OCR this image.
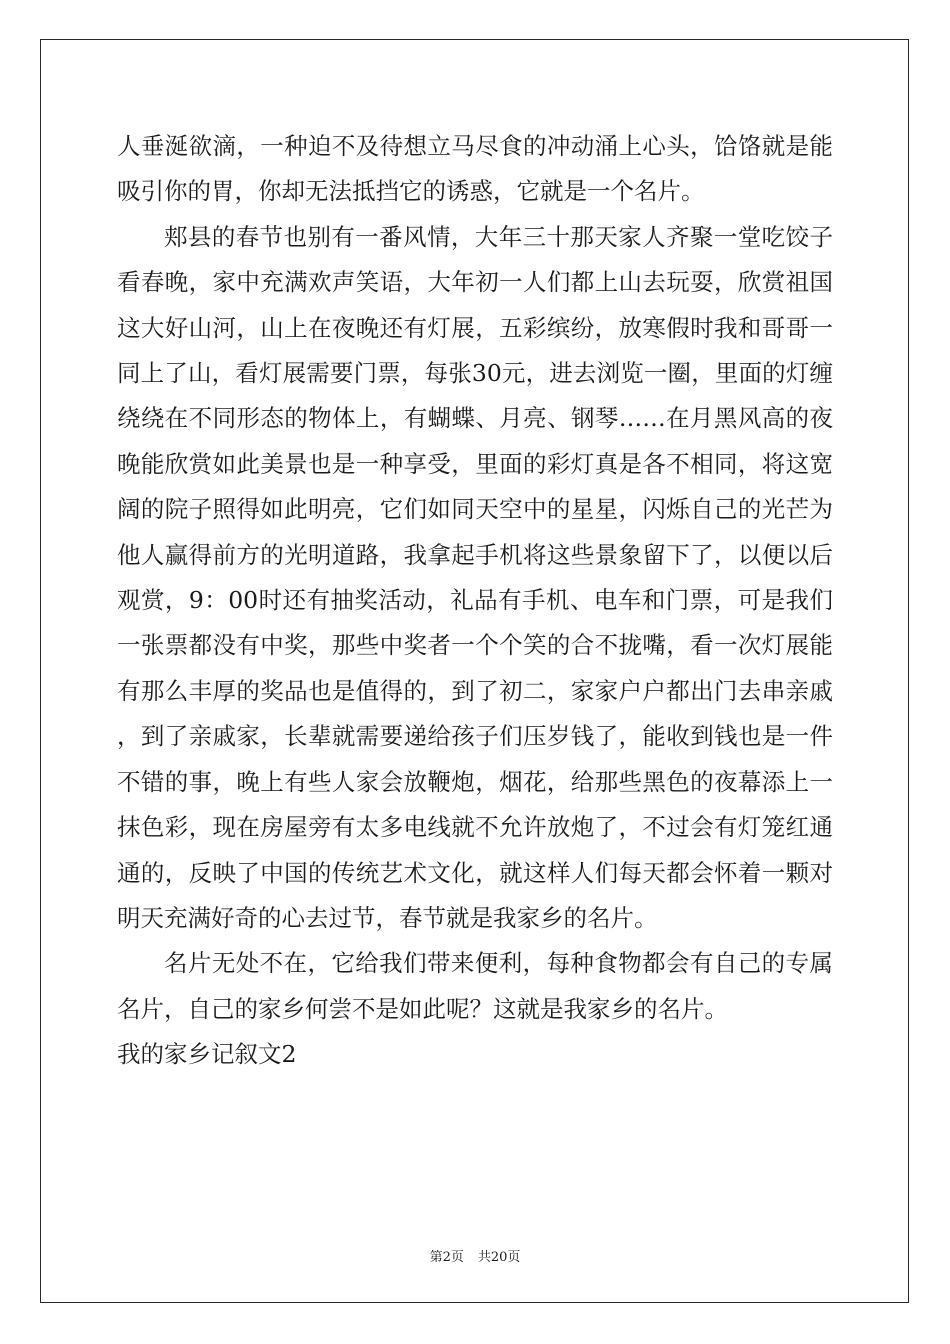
人垂涎欲滴，一种迫不及待想立马尽食的冲动涌上心头，饸饹就是能吸引你的胃，你却无法抵挡它的诱惑，它就是一个名片。

郏县的春节也别有一番风情，大年三十那天家人齐聚一堂吃饺子看春晚，家中充满欢声笑语，大年初一人们都上山去玩耍，欣赏祖国这大好山河，山上在夜晚还有灯展，五彩缤纷，放寒假时我和哥哥一同上了山，看灯展需要门票，每张30元，进去浏览一圈，里面的灯缠绕绕在不同形态的物体上，有蝴蝶、月亮、钢琴……在月黑风高的夜晚能欣赏如此美景也是一种享受，里面的彩灯真是各不相同，将这宽阔的院子照得如此明亮，它们如同天空中的星星，闪烁自己的光芒为他人赢得前方的光明道路，我拿起手机将这些景象留下了，以便以后观赏，9：00时还有抽奖活动，礼品有手机、电车和门票，可是我们一张票都没有中奖，那些中奖者一个个笑的合不拢嘴，看一次灯展能有那么丰厚的奖品也是值得的，到了初二，家家户户都出门去串亲戚，到了亲戚家，长辈就需要递给孩子们压岁钱了，能收到钱也是一件不错的事，晚上有些人家会放鞭炮，烟花，给那些黑色的夜幕添上一抹色彩，现在房屋旁有太多电线就不允许放炮了，不过会有灯笼红通通的，反映了中国的传统艺术文化，就这样人们每天都会怀着一颗对明天充满好奇的心去过节，春节就是我家乡的名片。

名片无处不在，它给我们带来便利，每种食物都会有自己的专属名片，自己的家乡何尝不是如此呢？这就是我家乡的名片。

我的家乡记叙文2

第2页 共20页
